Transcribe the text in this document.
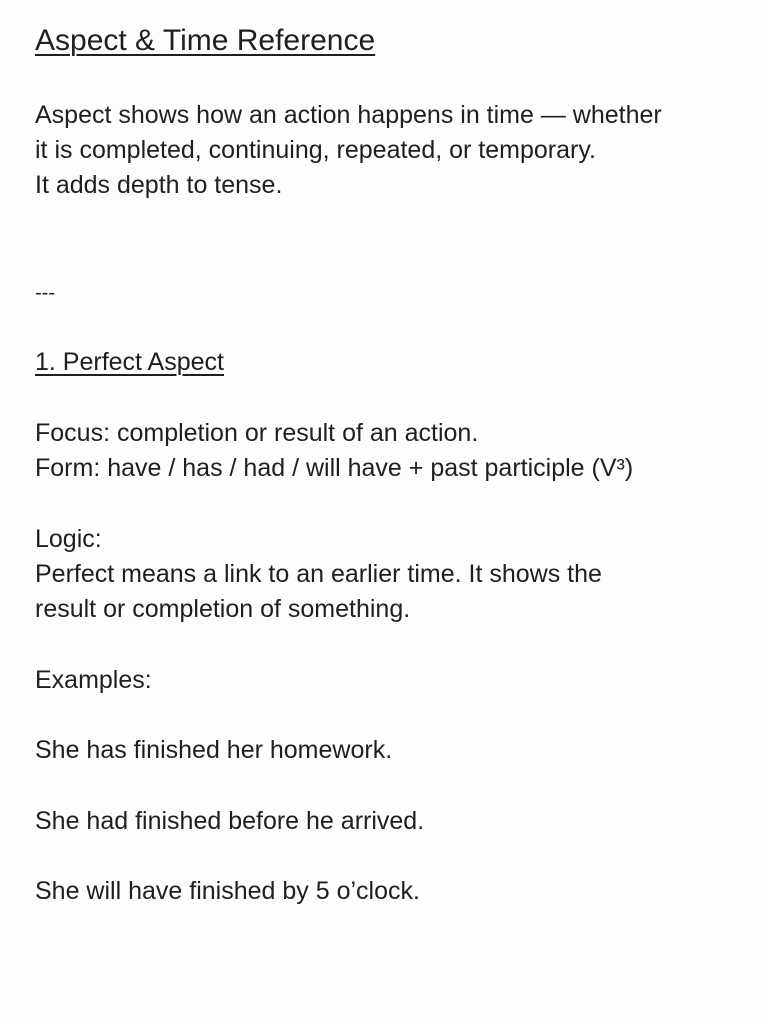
Aspect & Time Reference

Aspect shows how an action happens in time — whether
it is completed, continuing, repeated, or temporary.
It adds depth to tense.

---

1. Perfect Aspect

Focus: completion or result of an action.
Form: have / has / had / will have + past participle (V³)

Logic:
Perfect means a link to an earlier time. It shows the
result or completion of something.

Examples:

She has finished her homework.

She had finished before he arrived.

She will have finished by 5 o’clock.
